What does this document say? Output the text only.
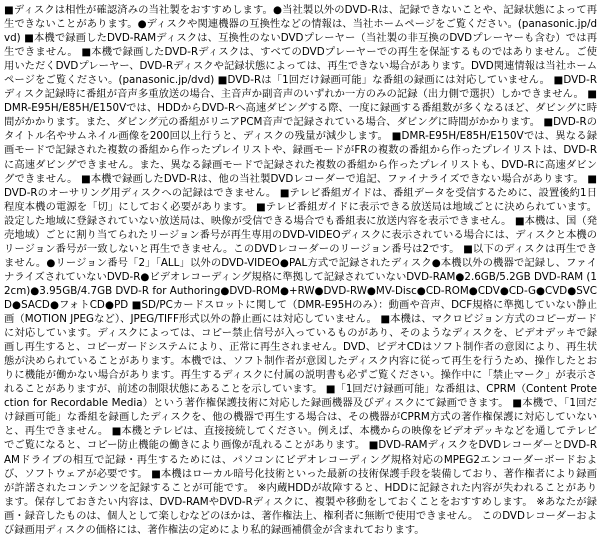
■ディスクは相性が確認済みの当社製をおすすめします。●当社製以外のDVD-Rは、記録できないことや、記録状態によって再生できないことがあります。●ディスクや関連機器の互換性などの情報は、当社ホームページをご覧ください。(panasonic.jp/dvd) ■本機で録画したDVD-RAMディスクは、互換性のないDVDプレーヤー（当社製の非互換のDVDプレーヤーも含む）では再生できません。 ■本機で録画したDVD-Rディスクは、すべてのDVDプレーヤーでの再生を保証するものではありません。ご使用いただくDVDプレーヤー、DVD-Rディスクや記録状態によっては、再生できない場合があります。DVD関連情報は当社ホームページをご覧ください。(panasonic.jp/dvd) ■DVD-Rは「1回だけ録画可能」な番組の録画には対応していません。 ■DVD-Rディスク記録時に番組が音声多重放送の場合、主音声か副音声のいずれか一方のみの記録（出力側で選択）しかできません。 ■DMR-E95H/E85H/E150Vでは、HDDからDVD-Rへ高速ダビングする際、一度に録画する番組数が多くなるほど、ダビングに時間がかかります。また、ダビング元の番組がリニアPCM音声で記録されている場合、ダビングに時間がかかります。 ■DVD-Rのタイトル名やサムネイル画像を200回以上行うと、ディスクの残量が減少します。 ■DMR-E95H/E85H/E150Vでは、異なる録画モードで記録された複数の番組から作ったプレイリストや、録画モードがFRの複数の番組から作ったプレイリストは、DVD-Rに高速ダビングできません。また、異なる録画モードで記録された複数の番組から作ったプレイリストも、DVD-Rに高速ダビングできません。 ■本機で録画したDVD-Rは、他の当社製DVDレコーダーで追記、ファイナライズできない場合があります。 ■DVD-Rのオーサリング用ディスクへの記録はできません。 ■テレビ番組ガイドは、番組データを受信するために、設置後約1日程度本機の電源を「切」にしておく必要があります。 ■テレビ番組ガイドに表示できる放送局は地域ごとに決められています。設定した地域に登録されていない放送局は、映像が受信できる場合でも番組表に放送内容を表示できません。 ■本機は、国（発売地域）ごとに割り当てられたリージョン番号が再生専用のDVD-VIDEOディスクに表示されている場合には、ディスクと本機のリージョン番号が一致しないと再生できません。このDVDレコーダーのリージョン番号は2です。 ■以下のディスクは再生できません。●リージョン番号「2」「ALL」以外のDVD-VIDEO●PAL方式で記録されたディスク●本機以外の機器で記録し、ファイナライズされていないDVD-R●ビデオレコーディング規格に準拠して記録されていないDVD-RAM●2.6GB/5.2GB DVD-RAM (12cm)●3.95GB/4.7GB DVD-R for Authoring●DVD-ROM●+RW●DVD-RW●MV-Disc●CD-ROM●CDV●CD-G●CVD●SVCD●SACD●フォトCD●PD ■SD/PCカードスロットに関して（DMR-E95Hのみ）：動画や音声、DCF規格に準拠していない静止画（MOTION JPEGなど）、JPEG/TIFF形式以外の静止画には対応していません。 ■本機は、マクロビジョン方式のコピーガードに対応しています。ディスクによっては、コピー禁止信号が入っているものがあり、そのようなディスクを、ビデオデッキで録画し再生すると、コピーガードシステムにより、正常に再生されません。DVD、ビデオCDはソフト制作者の意図により、再生状態が決められていることがあります。本機では、ソフト制作者が意図したディスク内容に従って再生を行うため、操作したとおりに機能が働かない場合があります。再生するディスクに付属の説明書も必ずご覧ください。操作中に「禁止マーク」が表示されることがありますが、前述の制限状態にあることを示しています。 ■「1回だけ録画可能」な番組は、CPRM（Content Protection for Recordable Media）という著作権保護技術に対応した録画機器及びディスクにて録画できます。 ■本機で、「1回だけ録画可能」な番組を録画したディスクを、他の機器で再生する場合は、その機器がCPRM方式の著作権保護に対応していないと、再生できません。 ■本機とテレビは、直接接続してください。例えば、本機からの映像をビデオデッキなどを通してテレビでご覧になると、コピー防止機能の働きにより画像が乱れることがあります。 ■DVD-RAMディスクをDVDレコーダーとDVD-RAMドライブの相互で記録・再生するためには、パソコンにビデオレコーディング規格対応のMPEG2エンコーダーボードおよび、ソフトウェアが必要です。 ■本機はローカル暗号化技術といった最新の技術保護手段を装備しており、著作権者により録画が許諾されたコンテンツを記録することが可能です。 ※内蔵HDDが故障すると、HDDに記録された内容が失われることがあります。保存しておきたい内容は、DVD-RAMやDVD-Rディスクに、複製や移動をしておくことをおすすめします。 ※あなたが録画・録音したものは、個人として楽しむなどのほかは、著作権法上、権利者に無断で使用できません。 このDVDレコーダーおよび録画用ディスクの価格には、著作権法の定めにより私的録画補償金が含まれております。
